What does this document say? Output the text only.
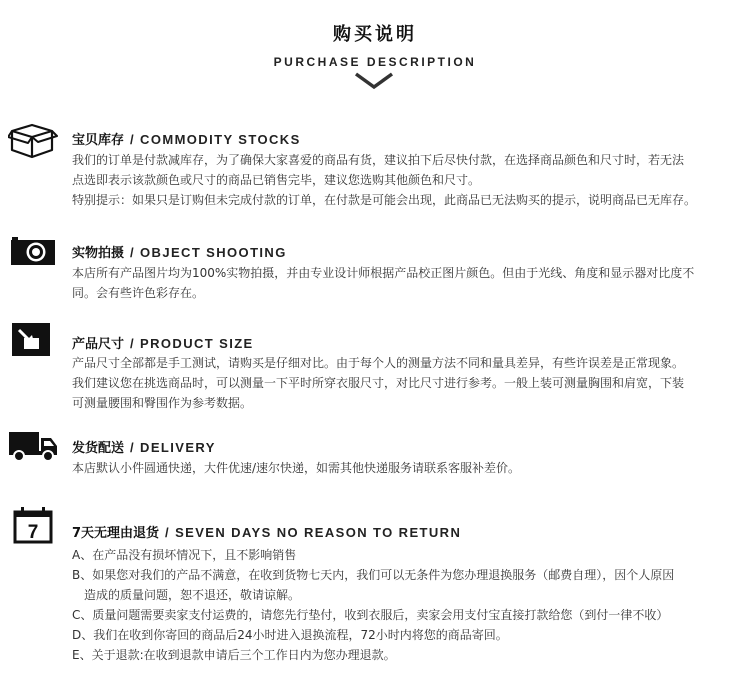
购买说明
PURCHASE DESCRIPTION
宝贝库存 / COMMODITY STOCKS

我们的订单是付款减库存，为了确保大家喜爱的商品有货，建议拍下后尽快付款，在选择商品颜色和尺寸时，若无法

点选即表示该款颜色或尺寸的商品已销售完毕，建议您选购其他颜色和尺寸。

特别提示：如果只是订购但未完成付款的订单，在付款是可能会出现，此商品已无法购买的提示，说明商品已无库存。

实物拍摄 / OBJECT SHOOTING

本店所有产品图片均为100%实物拍摄，并由专业设计师根据产品校正图片颜色。但由于光线、角度和显示器对比度不

同。会有些许色彩存在。

产品尺寸 / PRODUCT SIZE

产品尺寸全部都是手工测试，请购买是仔细对比。由于每个人的测量方法不同和量具差异，有些许误差是正常现象。

我们建议您在挑选商品时，可以测量一下平时所穿衣服尺寸，对比尺寸进行参考。一般上装可测量胸围和肩宽，下装

可测量腰围和臀围作为参考数据。

发货配送 / DELIVERY

本店默认小件圆通快递，大件优速/速尔快递，如需其他快递服务请联系客服补差价。

7	7天无理由退货 / SEVEN DAYS NO REASON TO RETURN

A、在产品没有损坏情况下，且不影响销售

B、如果您对我们的产品不满意，在收到货物七天内，我们可以无条件为您办理退换服务（邮费自理），因个人原因

造成的质量问题，恕不退还，敬请谅解。

C、质量问题需要卖家支付运费的，请您先行垫付，收到衣服后，卖家会用支付宝直接打款给您（到付一律不收）

D、我们在收到你寄回的商品后24小时进入退换流程，72小时内将您的商品寄回。

E、关于退款:在收到退款申请后三个工作日内为您办理退款。
